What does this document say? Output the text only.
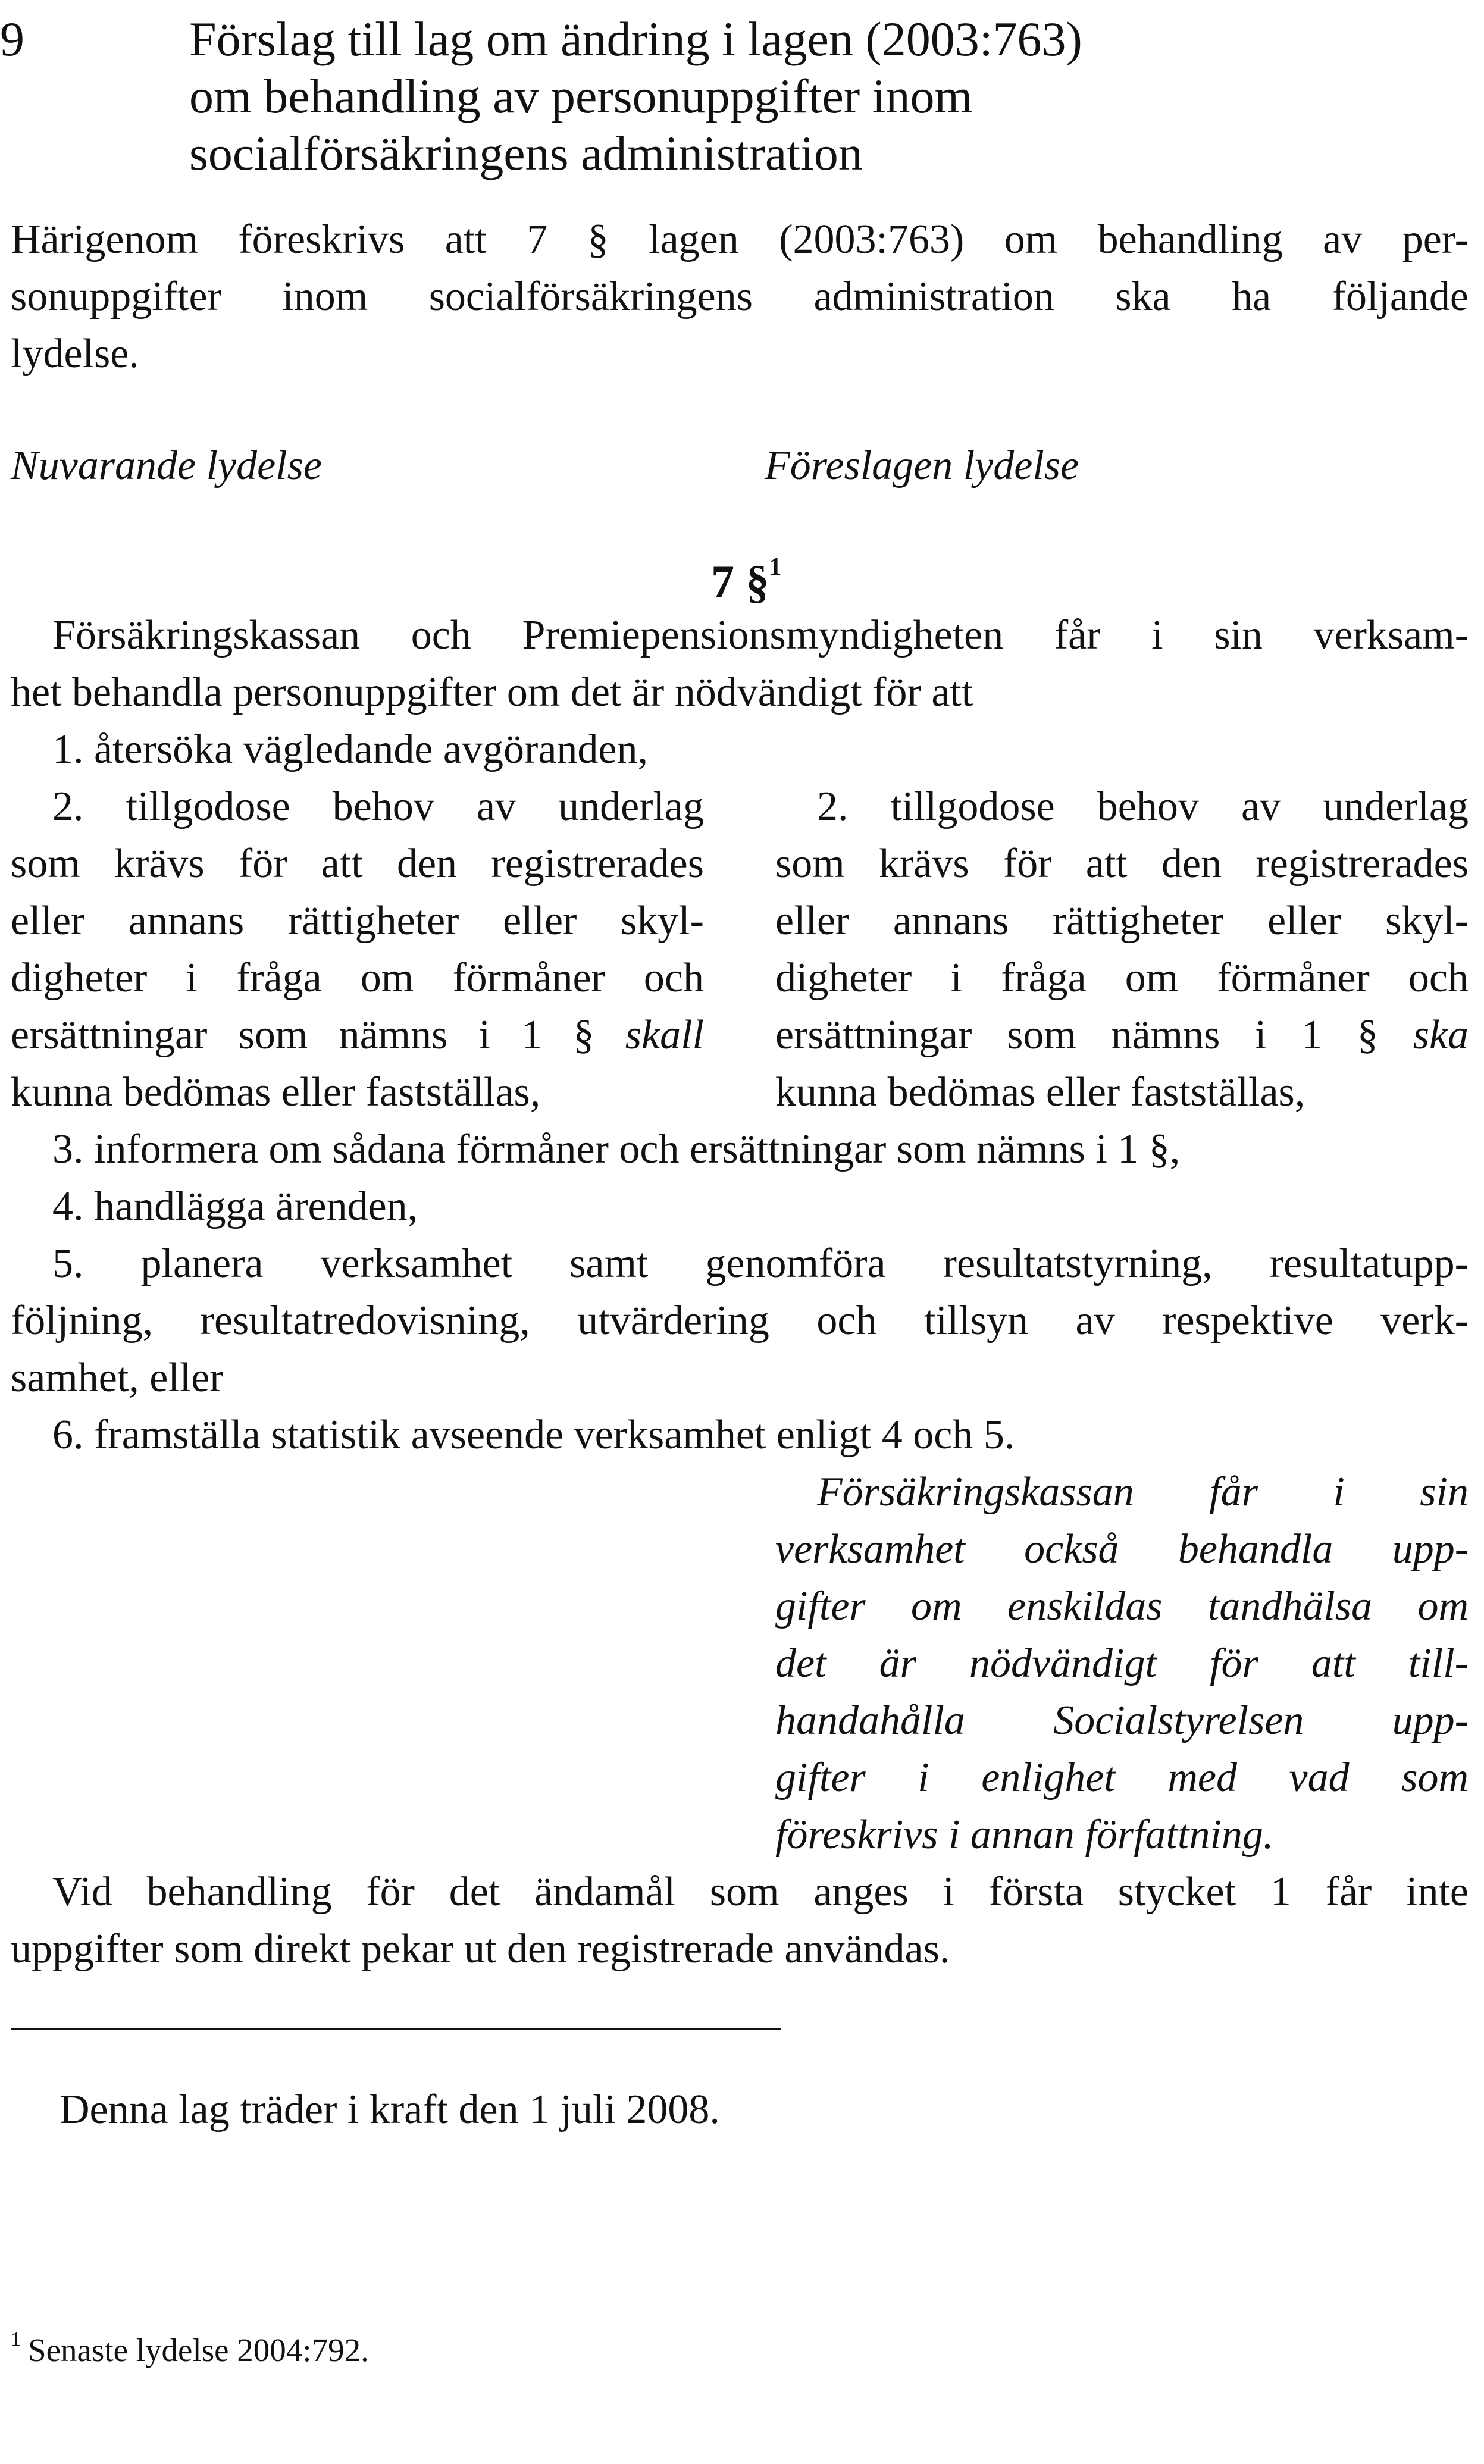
9	Förslag till lag om ändring i lagen (2003:763)
om behandling av personuppgifter inom
socialförsäkringens administration
Härigenom föreskrivs att 7 § lagen (2003:763) om behandling av per-
sonuppgifter inom socialförsäkringens administration ska ha följande
lydelse.
Nuvarande lydelse	Föreslagen lydelse
7 §$^1$
Försäkringskassan och Premiepensionsmyndigheten får i sin verksam-
het behandla personuppgifter om det är nödvändigt för att
1. återsöka vägledande avgöranden,
2. tillgodose behov av underlag
som krävs för att den registrerades
eller annans rättigheter eller skyl-
digheter i fråga om förmåner och
ersättningar som nämns i 1 § skall
kunna bedömas eller fastställas,
2. tillgodose behov av underlag
som krävs för att den registrerades
eller annans rättigheter eller skyl-
digheter i fråga om förmåner och
ersättningar som nämns i 1 § ska
kunna bedömas eller fastställas,
3. informera om sådana förmåner och ersättningar som nämns i 1 §,
4. handlägga ärenden,
5. planera verksamhet samt genomföra resultatstyrning, resultatupp-
följning, resultatredovisning, utvärdering och tillsyn av respektive verk-
samhet, eller
6. framställa statistik avseende verksamhet enligt 4 och 5.
Försäkringskassan får i sin
verksamhet också behandla upp-
gifter om enskildas tandhälsa om
det är nödvändigt för att till-
handahålla Socialstyrelsen upp-
gifter i enlighet med vad som
föreskrivs i annan författning.
Vid behandling för det ändamål som anges i första stycket 1 får inte
uppgifter som direkt pekar ut den registrerade användas.
Denna lag träder i kraft den 1 juli 2008.
$^1$ Senaste lydelse 2004:792.
